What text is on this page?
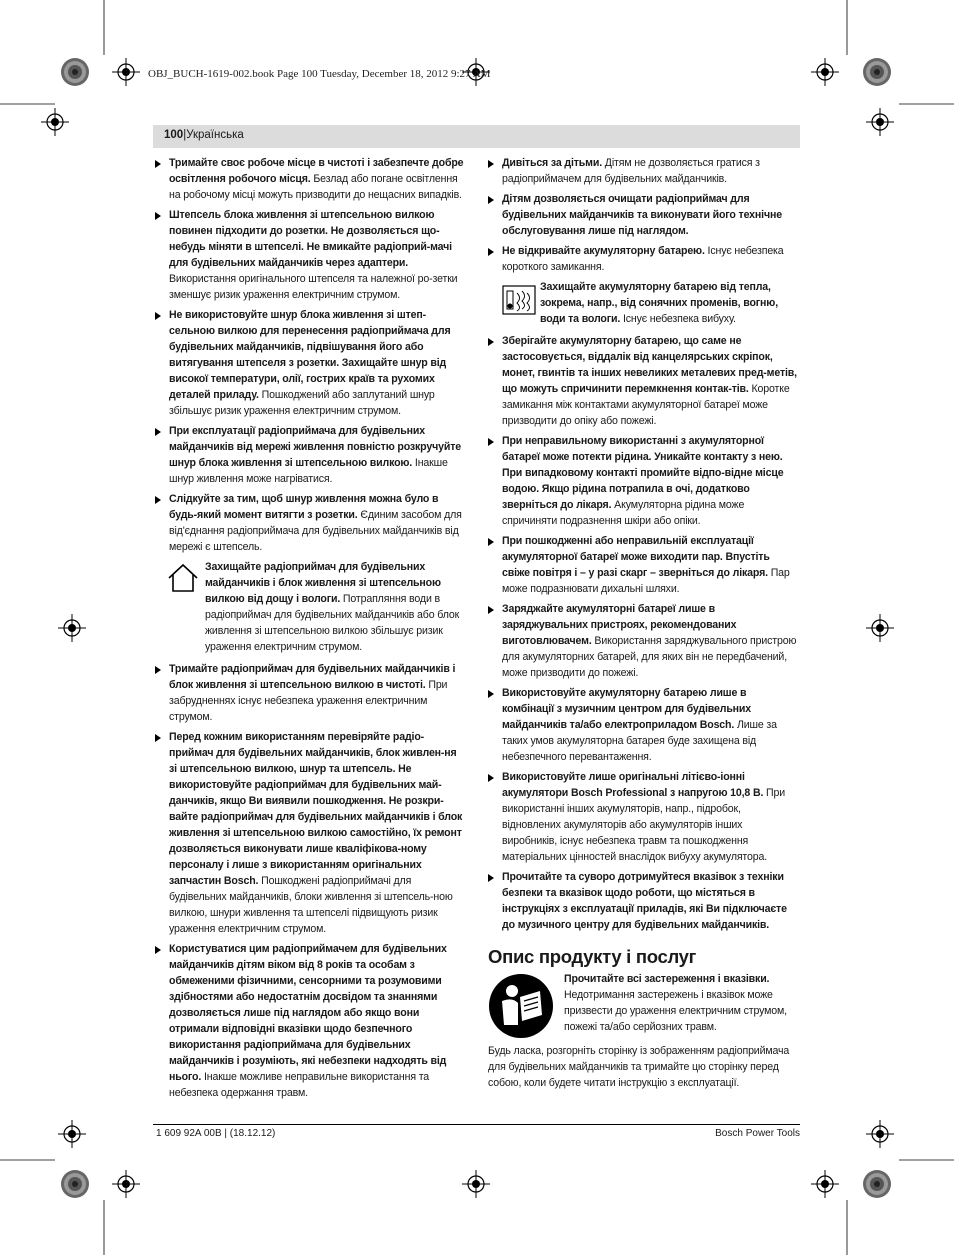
OBJ_BUCH-1619-002.book Page 100 Tuesday, December 18, 2012 9:27 AM
100|Українська
Тримайте своє робоче місце в чистоті і забезпечте добре освітлення робочого місця. Безлад або погане освітлення на робочому місці можуть призводити до нещасних випадків.
Штепсель блока живлення зі штепсельною вилкою повинен підходити до розетки. Не дозволяється що-небудь міняти в штепселі. Не вмикайте радіоприй-мачі для будівельних майданчиків через адаптери. Використання оригінального штепселя та належної ро-зетки зменшує ризик ураження електричним струмом.
Не використовуйте шнур блока живлення зі штеп-сельною вилкою для перенесення радіоприймача для будівельних майданчиків, підвішування його або витягування штепселя з розетки. Захищайте шнур від високої температури, олії, гострих країв та рухомих деталей приладу. Пошкоджений або заплутаний шнур збільшує ризик ураження електричним струмом.
При експлуатації радіоприймача для будівельних майданчиків від мережі живлення повністю розкручуйте шнур блока живлення зі штепсельною вилкою. Інакше шнур живлення може нагріватися.
Слідкуйте за тим, щоб шнур живлення можна було в будь-який момент витягти з розетки. Єдиним засобом для від'єднання радіоприймача для будівельних майданчиків від мережі є штепсель.
Захищайте радіоприймач для будівельних майданчиків і блок живлення зі штепсельною вилкою від дощу і вологи. Потрапляння води в радіоприймач для будівельних майданчиків або блок живлення зі штепсельною вилкою збільшує ризик ураження електричним струмом.
Тримайте радіоприймач для будівельних майданчиків і блок живлення зі штепсельною вилкою в чистоті. При забрудненнях існує небезпека ураження електричним струмом.
Перед кожним використанням перевіряйте радіо-приймач для будівельних майданчиків, блок живлен-ня зі штепсельною вилкою, шнур та штепсель. Не використовуйте радіоприймач для будівельних май-данчиків, якщо Ви виявили пошкодження. Не розкри-вайте радіоприймач для будівельних майданчиків і блок живлення зі штепсельною вилкою самостійно, їх ремонт дозволяється виконувати лише кваліфікова-ному персоналу і лише з використанням оригінальних запчастин Bosch. Пошкоджені радіоприймачі для будівельних майданчиків, блоки живлення зі штепсель-ною вилкою, шнури живлення та штепселі підвищують ризик ураження електричним струмом.
Користуватися цим радіоприймачем для будівельних майданчиків дітям віком від 8 років та особам з обмеженими фізичними, сенсорними та розумовими здібностями або недостатнім досвідом та знаннями дозволяється лише під наглядом або якщо вони отримали відповідні вказівки щодо безпечного використання радіоприймача для будівельних майданчиків і розуміють, які небезпеки надходять від нього. Інакше можливе неправильне використання та небезпека одержання травм.
Дивіться за дітьми. Дітям не дозволяється гратися з радіоприймачем для будівельних майданчиків.
Дітям дозволяється очищати радіоприймач для будівельних майданчиків та виконувати його технічне обслуговування лише під наглядом.
Не відкривайте акумуляторну батарею. Існує небезпека короткого замикання.
Захищайте акумуляторну батарею від тепла, зокрема, напр., від сонячних променів, вогню, води та вологи. Існує небезпека вибуху.
Зберігайте акумуляторну батарею, що саме не застосовується, віддалік від канцелярських скріпок, монет, гвинтів та інших невеликих металевих пред-метів, що можуть спричинити перемкнення контак-тів. Коротке замикання між контактами акумуляторної батареї може призводити до опіку або пожежі.
При неправильному використанні з акумуляторної батареї може потекти рідина. Уникайте контакту з нею. При випадковому контакті промийте відпо-відне місце водою. Якщо рідина потрапила в очі, додатково зверніться до лікаря. Акумуляторна рідина може спричиняти подразнення шкіри або опіки.
При пошкодженні або неправильній експлуатації акумуляторної батареї може виходити пар. Впустіть свіже повітря і – у разі скарг – зверніться до лікаря. Пар може подразнювати дихальні шляхи.
Заряджайте акумуляторні батареї лише в заряджувальних пристроях, рекомендованих виготовлювачем. Використання заряджувального пристрою для акумуляторних батарей, для яких він не передбачений, може призводити до пожежі.
Використовуйте акумуляторну батарею лише в комбінації з музичним центром для будівельних майданчиків та/або електроприладом Bosch. Лише за таких умов акумуляторна батарея буде захищена від небезпечного перевантаження.
Використовуйте лише оригінальні літієво-іонні акумулятори Bosch Professional з напругою 10,8 В. При використанні інших акумуляторів, напр., підробок, відновлених акумуляторів або акумуляторів інших виробників, існує небезпека травм та пошкодження матеріальних цінностей внаслідок вибуху акумулятора.
Прочитайте та суворо дотримуйтеся вказівок з техніки безпеки та вказівок щодо роботи, що містяться в інструкціях з експлуатації приладів, які Ви підключаєте до музичного центру для будівельних майданчиків.
Опис продукту і послуг
Прочитайте всі застереження і вказівки. Недотримання застережень і вказівок може призвести до ураження електричним струмом, пожежі та/або серйозних травм.

Будь ласка, розгорніть сторінку із зображенням радіоприймача для будівельних майданчиків та тримайте цю сторінку перед собою, коли будете читати інструкцію з експлуатації.

1 609 92A 00B | (18.12.12)	Bosch Power Tools
